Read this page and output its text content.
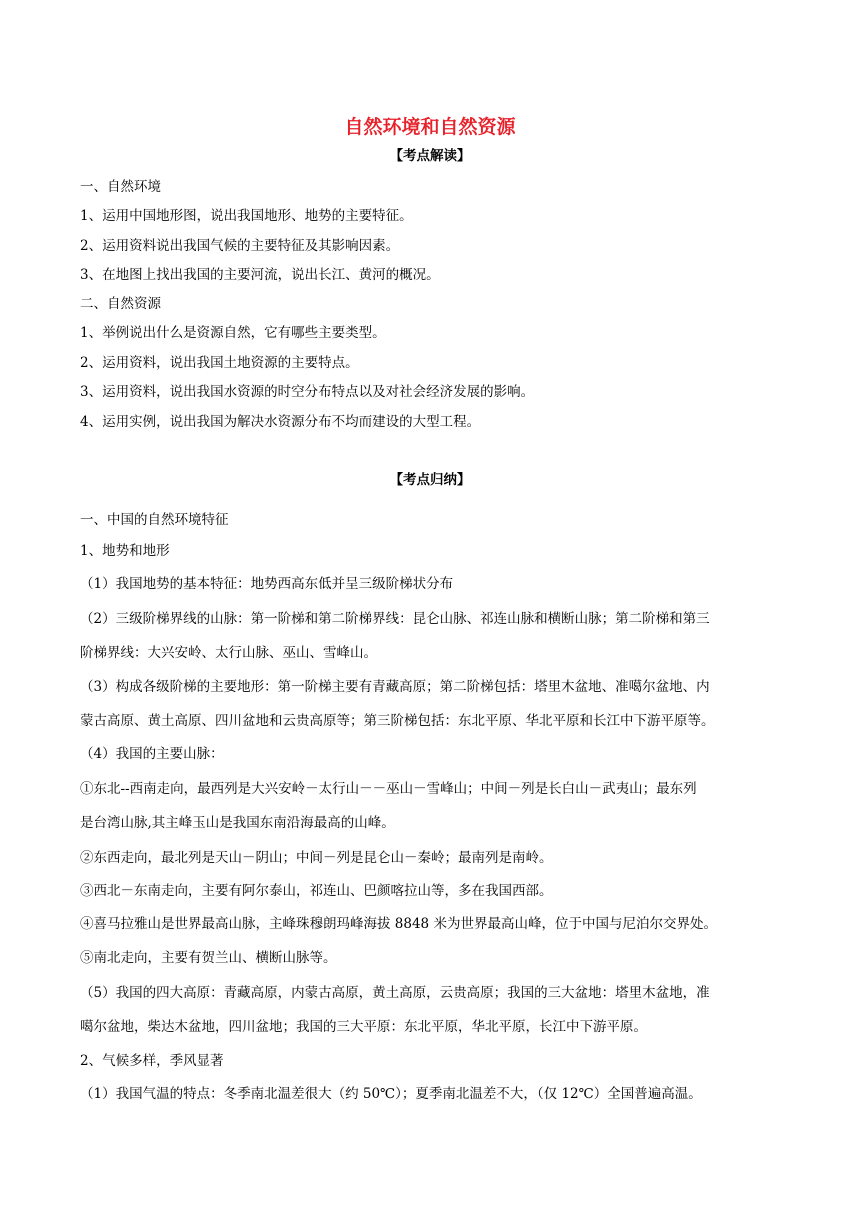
自然环境和自然资源
【考点解读】
一、自然环境
1、运用中国地形图，说出我国地形、地势的主要特征。
2、运用资料说出我国气候的主要特征及其影响因素。
3、在地图上找出我国的主要河流，说出长江、黄河的概况。
二、自然资源
1、举例说出什么是资源自然，它有哪些主要类型。
2、运用资料，说出我国土地资源的主要特点。
3、运用资料，说出我国水资源的时空分布特点以及对社会经济发展的影响。
4、运用实例，说出我国为解决水资源分布不均而建设的大型工程。
【考点归纳】
一、中国的自然环境特征
1、地势和地形
（1）我国地势的基本特征：地势西高东低并呈三级阶梯状分布
（2）三级阶梯界线的山脉：第一阶梯和第二阶梯界线：昆仑山脉、祁连山脉和横断山脉；第二阶梯和第三
阶梯界线：大兴安岭、太行山脉、巫山、雪峰山。
（3）构成各级阶梯的主要地形：第一阶梯主要有青藏高原；第二阶梯包括：塔里木盆地、准噶尔盆地、内
蒙古高原、黄土高原、四川盆地和云贵高原等；第三阶梯包括：东北平原、华北平原和长江中下游平原等。
（4）我国的主要山脉：
①东北--西南走向，最西列是大兴安岭－太行山－－巫山－雪峰山；中间－列是长白山－武夷山；最东列
是台湾山脉,其主峰玉山是我国东南沿海最高的山峰。
②东西走向，最北列是天山－阴山；中间－列是昆仑山－秦岭；最南列是南岭。
③西北－东南走向，主要有阿尔泰山，祁连山、巴颜喀拉山等，多在我国西部。
④喜马拉雅山是世界最高山脉，主峰珠穆朗玛峰海拔 8848 米为世界最高山峰，位于中国与尼泊尔交界处。
⑤南北走向，主要有贺兰山、横断山脉等。
（5）我国的四大高原：青藏高原，内蒙古高原，黄土高原，云贵高原；我国的三大盆地：塔里木盆地，准
噶尔盆地，柴达木盆地，四川盆地；我国的三大平原：东北平原，华北平原，长江中下游平原。
2、气候多样，季风显著
（1）我国气温的特点：冬季南北温差很大（约 50℃）；夏季南北温差不大，（仅 12℃）全国普遍高温。
